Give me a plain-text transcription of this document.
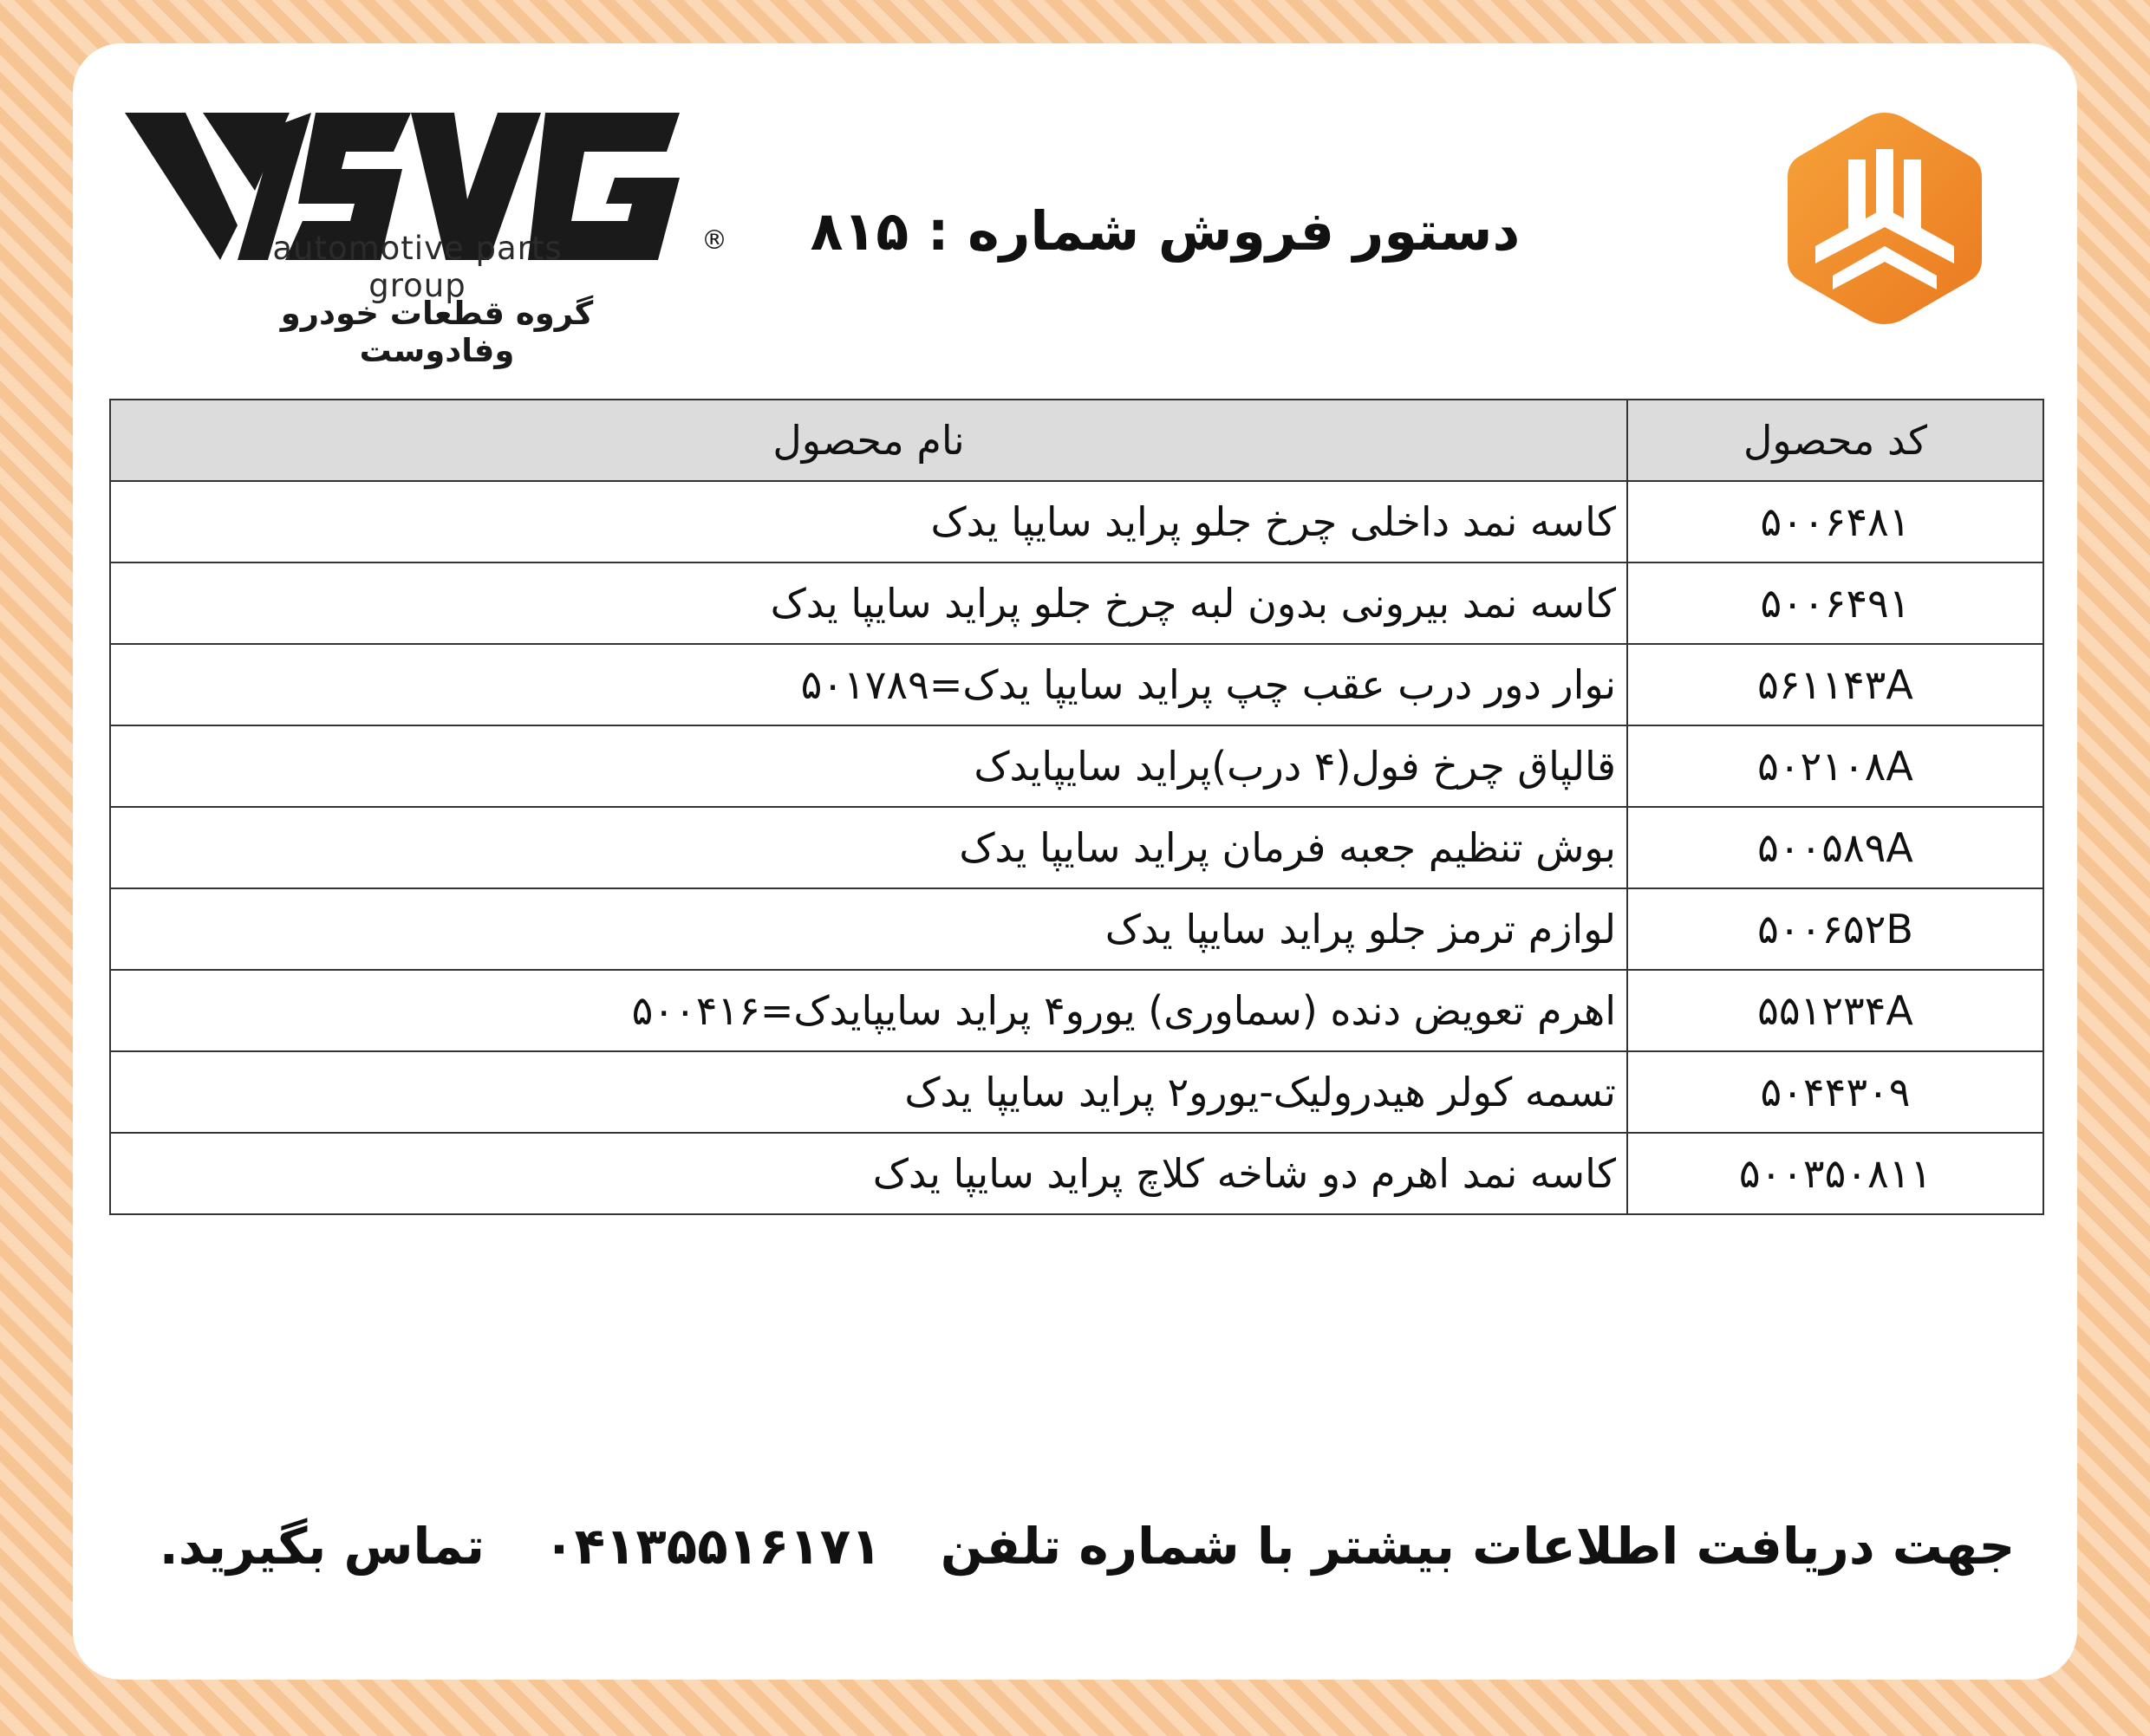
®
automotive parts group
گروه قطعات خودرو وفادوست
دستور فروش شماره : ۸۱۵
کد محصول	نام محصول
۵۰۰۶۴۸۱	کاسه نمد داخلی چرخ جلو پراید سایپا یدک
۵۰۰۶۴۹۱	کاسه نمد بیرونی بدون لبه چرخ جلو پراید سایپا یدک
۵۶۱۱۴۳A	نوار دور درب عقب چپ پراید سایپا یدک=۵۰۱۷۸۹
۵۰۲۱۰۸A	قالپاق چرخ فول(۴ درب)پراید سایپایدک
۵۰۰۵۸۹A	بوش تنظیم جعبه فرمان پراید سایپا یدک
۵۰۰۶۵۲B	لوازم ترمز جلو پراید سایپا یدک
۵۵۱۲۳۴A	اهرم تعویض دنده (سماوری) یورو۴ پراید سایپایدک=۵۰۰۴۱۶
۵۰۴۴۳۰۹	تسمه کولر هیدرولیک-یورو۲ پراید سایپا یدک
۵۰۰۳۵۰۸۱۱	کاسه نمد اهرم دو شاخه کلاچ پراید سایپا یدک
جهت دریافت اطلاعات بیشتر با شماره تلفن ۰۴۱۳۵۵۱۶۱۷۱ تماس بگیرید.
